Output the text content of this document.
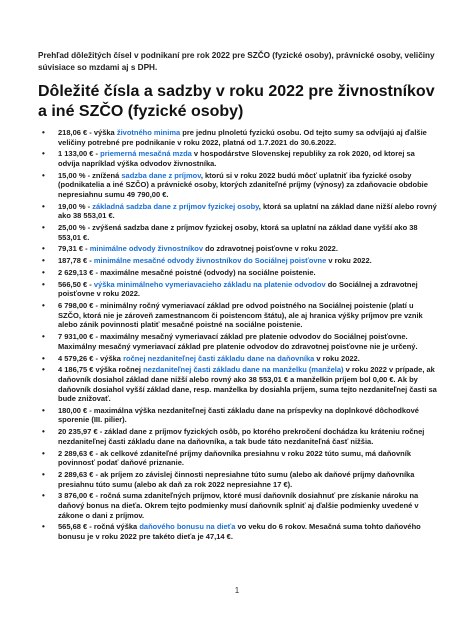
Prehľad dôležitých čísel v podnikaní pre rok 2022 pre SZČO (fyzické osoby), právnické osoby, veličiny súvisiace so mzdami aj s DPH.
Dôležité čísla a sadzby v roku 2022 pre živnostníkov a iné SZČO (fyzické osoby)
• 218,06 € - výška životného minima pre jednu plnoletú fyzickú osobu. Od tejto sumy sa odvíjajú aj ďalšie veličiny potrebné pre podnikanie v roku 2022, platná od 1.7.2021 do 30.6.2022.
• 1 133,00 € - priemerná mesačná mzda v hospodárstve Slovenskej republiky za rok 2020, od ktorej sa odvíja napríklad výška odvodov živnostníka.
• 15,00 % - znížená sadzba dane z príjmov, ktorú si v roku 2022 budú môcť uplatniť iba fyzické osoby (podnikatelia a iné SZČO) a právnické osoby, ktorých zdaniteľné príjmy (výnosy) za zdaňovacie obdobie nepresiahnu sumu 49 790,00 €.
• 19,00 % - základná sadzba dane z príjmov fyzickej osoby, ktorá sa uplatní na základ dane nižší alebo rovný ako 38 553,01 €.
• 25,00 % - zvýšená sadzba dane z príjmov fyzickej osoby, ktorá sa uplatní na základ dane vyšší ako 38 553,01 €.
• 79,31 € - minimálne odvody živnostníkov do zdravotnej poisťovne v roku 2022.
• 187,78 € - minimálne mesačné odvody živnostníkov do Sociálnej poisťovne v roku 2022.
• 2 629,13 € - maximálne mesačné poistné (odvody) na sociálne poistenie.
• 566,50 € - výška minimálneho vymeriavacieho základu na platenie odvodov do Sociálnej a zdravotnej poisťovne v roku 2022.
• 6 798,00 € - minimálny ročný vymeriavací základ pre odvod poistného na Sociálnej poistenie (platí u SZČO, ktorá nie je zároveň zamestnancom či poistencom štátu), ale aj hranica výšky príjmov pre vznik alebo zánik povinnosti platiť mesačné poistné na sociálne poistenie.
• 7 931,00 € - maximálny mesačný vymeriavací základ pre platenie odvodov do Sociálnej poisťovne. Maximálny mesačný vymeriavací základ pre platenie odvodov do zdravotnej poisťovne nie je určený.
• 4 579,26 € - výška ročnej nezdaniteľnej časti základu dane na daňovníka v roku 2022.
• 4 186,75 € výška ročnej nezdaniteľnej časti základu dane na manželku (manžela) v roku 2022 v prípade, ak daňovník dosiahol základ dane nižší alebo rovný ako 38 553,01 € a manželkin príjem bol 0,00 €. Ak by daňovník dosiahol vyšší základ dane, resp. manželka by dosiahla príjem, suma tejto nezdaniteľnej časti sa bude znižovať.
• 180,00 € - maximálna výška nezdaniteľnej časti základu dane na príspevky na doplnkové dôchodkové sporenie (III. pilier).
• 20 235,97 € - základ dane z príjmov fyzických osôb, po ktorého prekročení dochádza ku kráteniu ročnej nezdaniteľnej časti základu dane na daňovníka, a tak bude táto nezdaniteľná časť nižšia.
• 2 289,63 € - ak celkové zdaniteľné príjmy daňovníka presiahnu v roku 2022 túto sumu, má daňovník povinnosť podať daňové priznanie.
• 2 289,63 € - ak príjem zo závislej činnosti nepresiahne túto sumu (alebo ak daňové príjmy daňovníka presiahnu túto sumu (alebo ak daň za rok 2022 nepresiahne 17 €).
• 3 876,00 € - ročná suma zdaniteľných príjmov, ktoré musí daňovník dosiahnuť pre získanie nároku na daňový bonus na dieťa. Okrem tejto podmienky musí daňovník splniť aj ďalšie podmienky uvedené v zákone o dani z príjmov.
• 565,68 € - ročná výška daňového bonusu na dieťa vo veku do 6 rokov. Mesačná suma tohto daňového bonusu je v roku 2022 pre takéto dieťa je 47,14 €.
1
